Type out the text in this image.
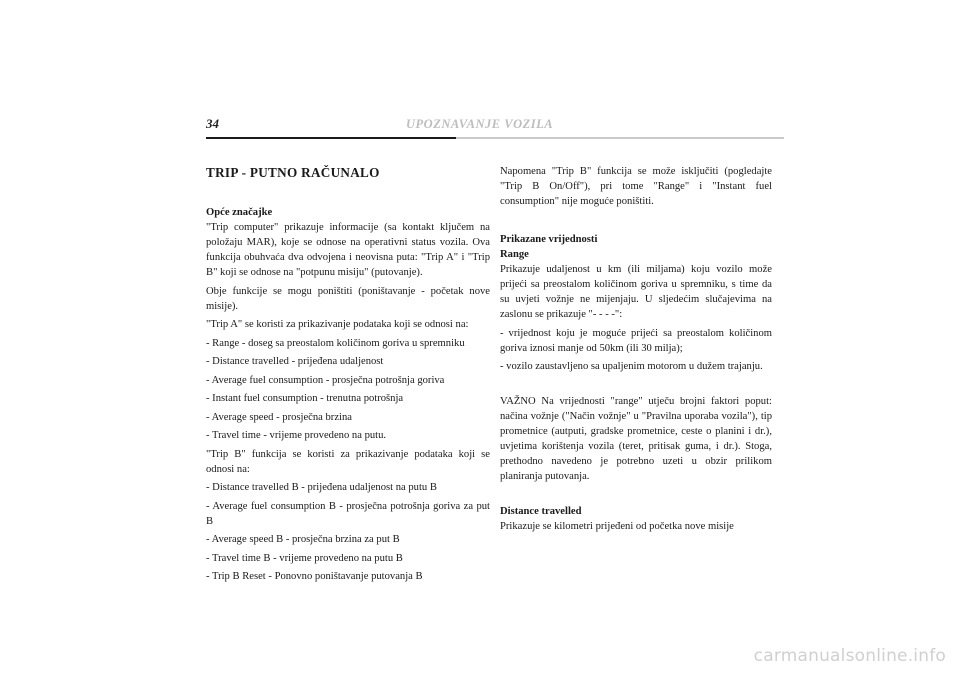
34	UPOZNAVANJE VOZILA

TRIP - PUTNO RAČUNALO

Opće značajke

"Trip computer" prikazuje informacije (sa kontakt ključem na položaju MAR), koje se odnose na operativni status vozila. Ova funkcija obuhvaća dva odvojena i neovisna puta: "Trip A" i "Trip B" koji se odnose na "potpunu misiju" (putovanje).

Obje funkcije se mogu poništiti (poništavanje - početak nove misije).

"Trip A" se koristi za prikazivanje podataka koji se odnosi na:

- Range - doseg sa preostalom količinom goriva u spremniku

- Distance travelled - prijeđena udaljenost

- Average fuel consumption - prosječna potrošnja goriva

- Instant fuel consumption - trenutna potrošnja

- Average speed - prosječna brzina

- Travel time - vrijeme provedeno na putu.

"Trip B" funkcija se koristi za prikazivanje podataka koji se odnosi na:

- Distance travelled B - prijeđena udaljenost na putu B

- Average fuel consumption B - prosječna potrošnja goriva za put B

- Average speed B - prosječna brzina za put B

- Travel time B - vrijeme provedeno na putu B

- Trip B Reset - Ponovno poništavanje putovanja B

Napomena "Trip B" funkcija se može isključiti (pogledajte "Trip B On/Off"), pri tome "Range" i "Instant fuel consumption" nije moguće poništiti.

Prikazane vrijednosti

Range

Prikazuje udaljenost u km (ili miljama) koju vozilo može prijeći sa preostalom količinom goriva u spremniku, s time da su uvjeti vožnje ne mijenjaju. U sljedećim slučajevima na zaslonu se prikazuje "- - - -":

- vrijednost koju je moguće prijeći sa preostalom količinom goriva iznosi manje od 50km (ili 30 milja);

- vozilo zaustavljeno sa upaljenim motorom u dužem trajanju.

VAŽNO Na vrijednosti "range" utječu brojni faktori poput: načina vožnje ("Način vožnje" u "Pravilna uporaba vozila"), tip prometnice (autputi, gradske prometnice, ceste o planini i dr.), uvjetima korištenja vozila (teret, pritisak guma, i dr.). Stoga, prethodno navedeno je potrebno uzeti u obzir prilikom planiranja putovanja.

Distance travelled

Prikazuje se kilometri prijeđeni od početka nove misije

carmanualsonline.info
